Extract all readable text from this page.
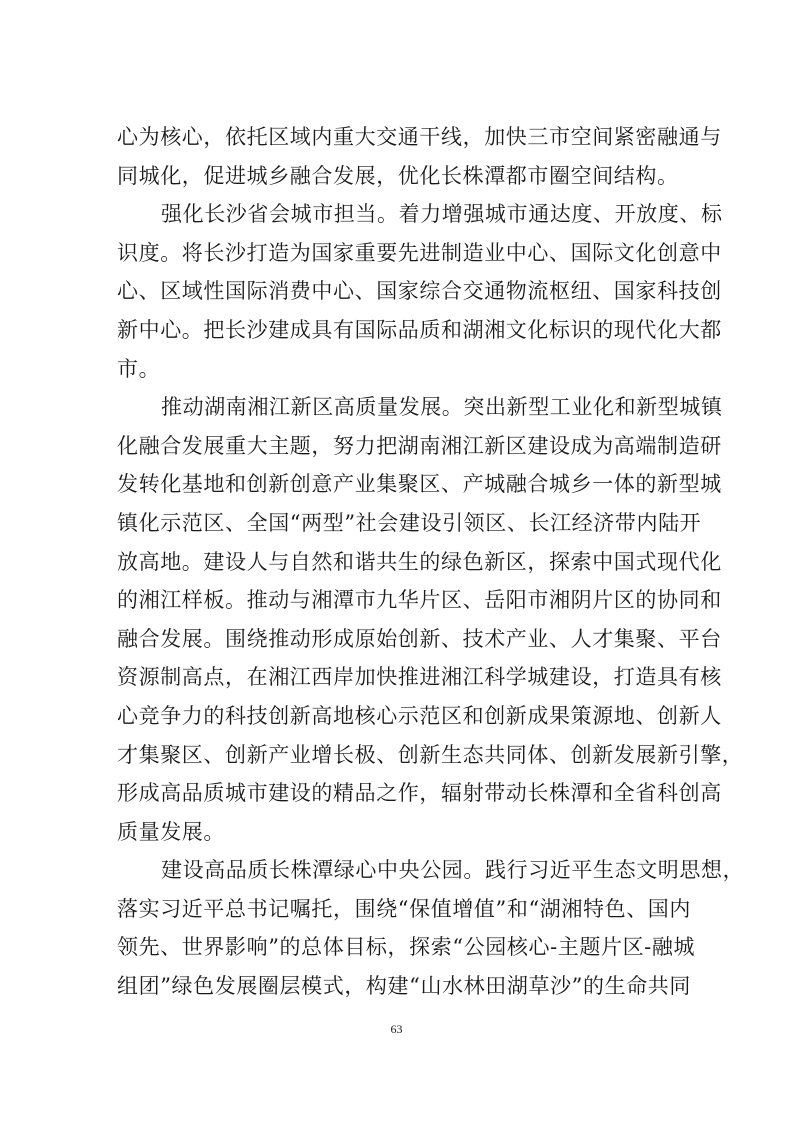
心为核心，依托区域内重大交通干线，加快三市空间紧密融通与
同城化，促进城乡融合发展，优化长株潭都市圈空间结构。
强化长沙省会城市担当。着力增强城市通达度、开放度、标
识度。将长沙打造为国家重要先进制造业中心、国际文化创意中
心、区域性国际消费中心、国家综合交通物流枢纽、国家科技创
新中心。把长沙建成具有国际品质和湖湘文化标识的现代化大都
市。
推动湖南湘江新区高质量发展。突出新型工业化和新型城镇
化融合发展重大主题，努力把湖南湘江新区建设成为高端制造研
发转化基地和创新创意产业集聚区、产城融合城乡一体的新型城
镇化示范区、全国“两型”社会建设引领区、长江经济带内陆开
放高地。建设人与自然和谐共生的绿色新区，探索中国式现代化
的湘江样板。推动与湘潭市九华片区、岳阳市湘阴片区的协同和
融合发展。围绕推动形成原始创新、技术产业、人才集聚、平台
资源制高点，在湘江西岸加快推进湘江科学城建设，打造具有核
心竞争力的科技创新高地核心示范区和创新成果策源地、创新人
才集聚区、创新产业增长极、创新生态共同体、创新发展新引擎，
形成高品质城市建设的精品之作，辐射带动长株潭和全省科创高
质量发展。
建设高品质长株潭绿心中央公园。践行习近平生态文明思想，
落实习近平总书记嘱托，围绕“保值增值”和“湖湘特色、国内
领先、世界影响”的总体目标，探索“公园核心-主题片区-融城
组团”绿色发展圈层模式，构建“山水林田湖草沙”的生命共同
63
